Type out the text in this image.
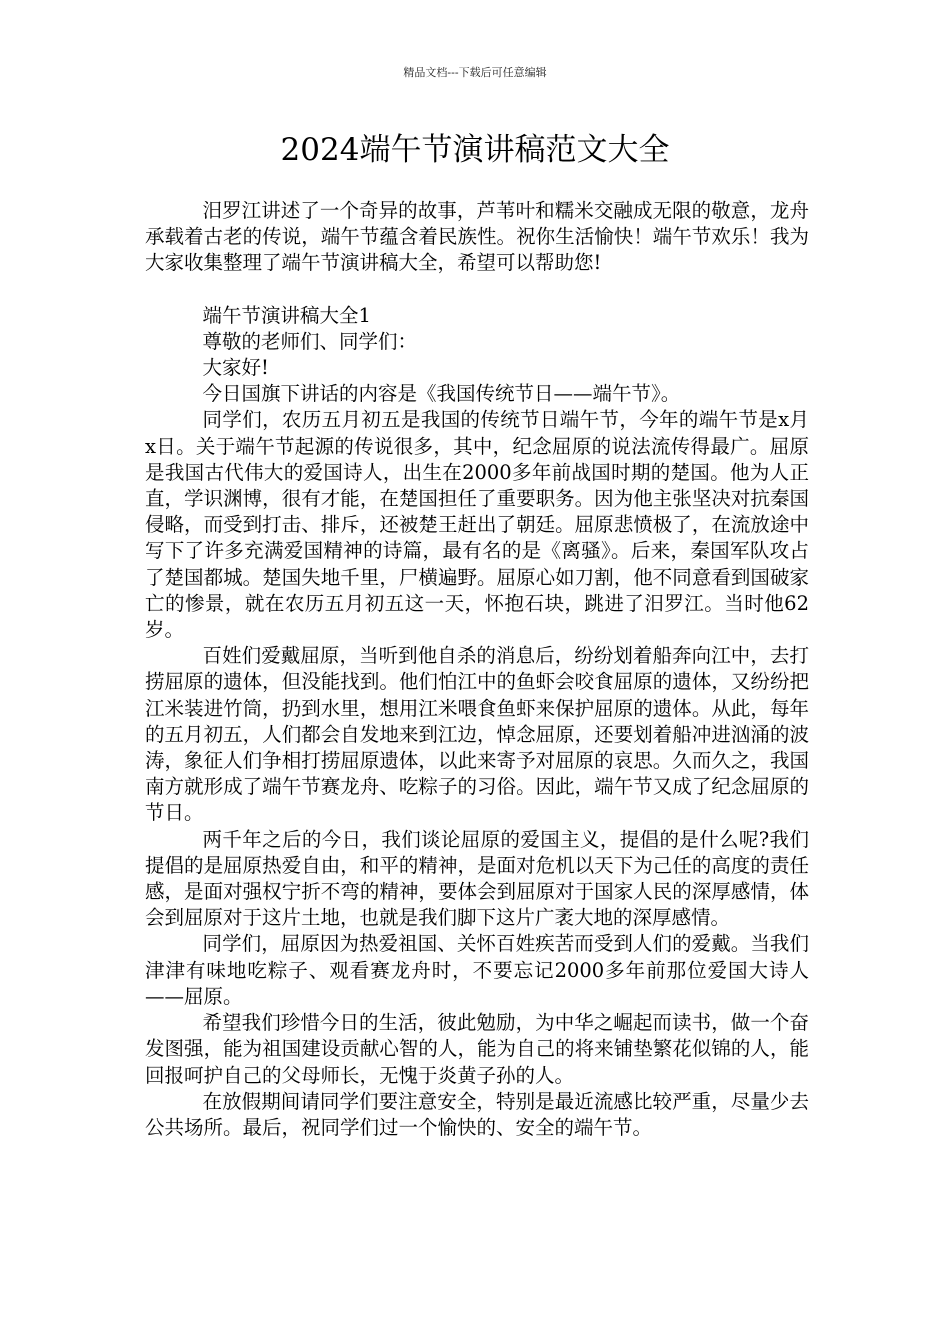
精品文档---下载后可任意编辑
2024端午节演讲稿范文大全

汨罗江讲述了一个奇异的故事，芦苇叶和糯米交融成无限的敬意，龙舟承载着古老的传说，端午节蕴含着民族性。祝你生活愉快！端午节欢乐！我为大家收集整理了端午节演讲稿大全，希望可以帮助您!

端午节演讲稿大全1

尊敬的老师们、同学们：

大家好!

今日国旗下讲话的内容是《我国传统节日——端午节》。

同学们，农历五月初五是我国的传统节日端午节，今年的端午节是x月x日。关于端午节起源的传说很多，其中，纪念屈原的说法流传得最广。屈原是我国古代伟大的爱国诗人，出生在2000多年前战国时期的楚国。他为人正直，学识渊博，很有才能，在楚国担任了重要职务。因为他主张坚决对抗秦国侵略，而受到打击、排斥，还被楚王赶出了朝廷。屈原悲愤极了，在流放途中写下了许多充满爱国精神的诗篇，最有名的是《离骚》。后来，秦国军队攻占了楚国都城。楚国失地千里，尸横遍野。屈原心如刀割，他不同意看到国破家亡的惨景，就在农历五月初五这一天，怀抱石块，跳进了汨罗江。当时他62岁。

百姓们爱戴屈原，当听到他自杀的消息后，纷纷划着船奔向江中，去打捞屈原的遗体，但没能找到。他们怕江中的鱼虾会咬食屈原的遗体，又纷纷把江米装进竹筒，扔到水里，想用江米喂食鱼虾来保护屈原的遗体。从此，每年的五月初五，人们都会自发地来到江边，悼念屈原，还要划着船冲进汹涌的波涛，象征人们争相打捞屈原遗体，以此来寄予对屈原的哀思。久而久之，我国南方就形成了端午节赛龙舟、吃粽子的习俗。因此，端午节又成了纪念屈原的节日。

两千年之后的今日，我们谈论屈原的爱国主义，提倡的是什么呢?我们提倡的是屈原热爱自由，和平的精神，是面对危机以天下为己任的高度的责任感，是面对强权宁折不弯的精神，要体会到屈原对于国家人民的深厚感情，体会到屈原对于这片土地，也就是我们脚下这片广袤大地的深厚感情。

同学们，屈原因为热爱祖国、关怀百姓疾苦而受到人们的爱戴。当我们津津有味地吃粽子、观看赛龙舟时，不要忘记2000多年前那位爱国大诗人——屈原。

希望我们珍惜今日的生活，彼此勉励，为中华之崛起而读书，做一个奋发图强，能为祖国建设贡献心智的人，能为自己的将来铺垫繁花似锦的人，能回报呵护自己的父母师长，无愧于炎黄子孙的人。

在放假期间请同学们要注意安全，特别是最近流感比较严重，尽量少去公共场所。最后，祝同学们过一个愉快的、安全的端午节。
